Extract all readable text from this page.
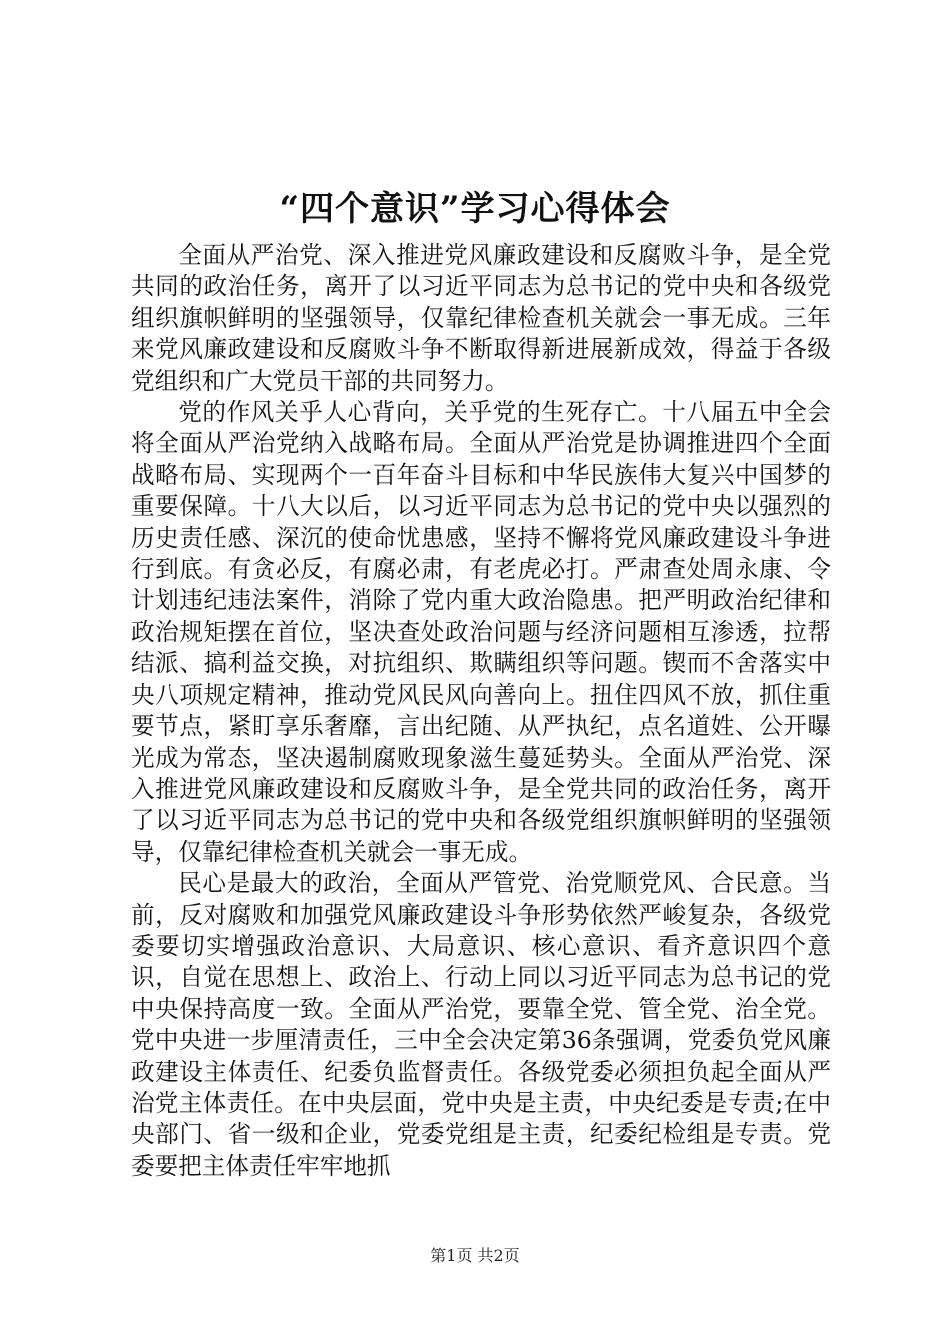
“四个意识”学习心得体会

全面从严治党、深入推进党风廉政建设和反腐败斗争，是全党共同的政治任务，离开了以习近平同志为总书记的党中央和各级党组织旗帜鲜明的坚强领导，仅靠纪律检查机关就会一事无成。三年来党风廉政建设和反腐败斗争不断取得新进展新成效，得益于各级党组织和广大党员干部的共同努力。

党的作风关乎人心背向，关乎党的生死存亡。十八届五中全会将全面从严治党纳入战略布局。全面从严治党是协调推进四个全面战略布局、实现两个一百年奋斗目标和中华民族伟大复兴中国梦的重要保障。十八大以后，以习近平同志为总书记的党中央以强烈的历史责任感、深沉的使命忧患感，坚持不懈将党风廉政建设斗争进行到底。有贪必反，有腐必肃，有老虎必打。严肃查处周永康、令计划违纪违法案件，消除了党内重大政治隐患。把严明政治纪律和政治规矩摆在首位，坚决查处政治问题与经济问题相互渗透，拉帮结派、搞利益交换，对抗组织、欺瞒组织等问题。锲而不舍落实中央八项规定精神，推动党风民风向善向上。扭住四风不放，抓住重要节点，紧盯享乐奢靡，言出纪随、从严执纪，点名道姓、公开曝光成为常态，坚决遏制腐败现象滋生蔓延势头。全面从严治党、深入推进党风廉政建设和反腐败斗争，是全党共同的政治任务，离开了以习近平同志为总书记的党中央和各级党组织旗帜鲜明的坚强领导，仅靠纪律检查机关就会一事无成。

民心是最大的政治，全面从严管党、治党顺党风、合民意。当前，反对腐败和加强党风廉政建设斗争形势依然严峻复杂，各级党委要切实增强政治意识、大局意识、核心意识、看齐意识四个意识，自觉在思想上、政治上、行动上同以习近平同志为总书记的党中央保持高度一致。全面从严治党，要靠全党、管全党、治全党。党中央进一步厘清责任，三中全会决定第36条强调，党委负党风廉政建设主体责任、纪委负监督责任。各级党委必须担负起全面从严治党主体责任。在中央层面，党中央是主责，中央纪委是专责;在中央部门、省一级和企业，党委党组是主责，纪委纪检组是专责。党委要把主体责任牢牢地抓

第1页 共2页
